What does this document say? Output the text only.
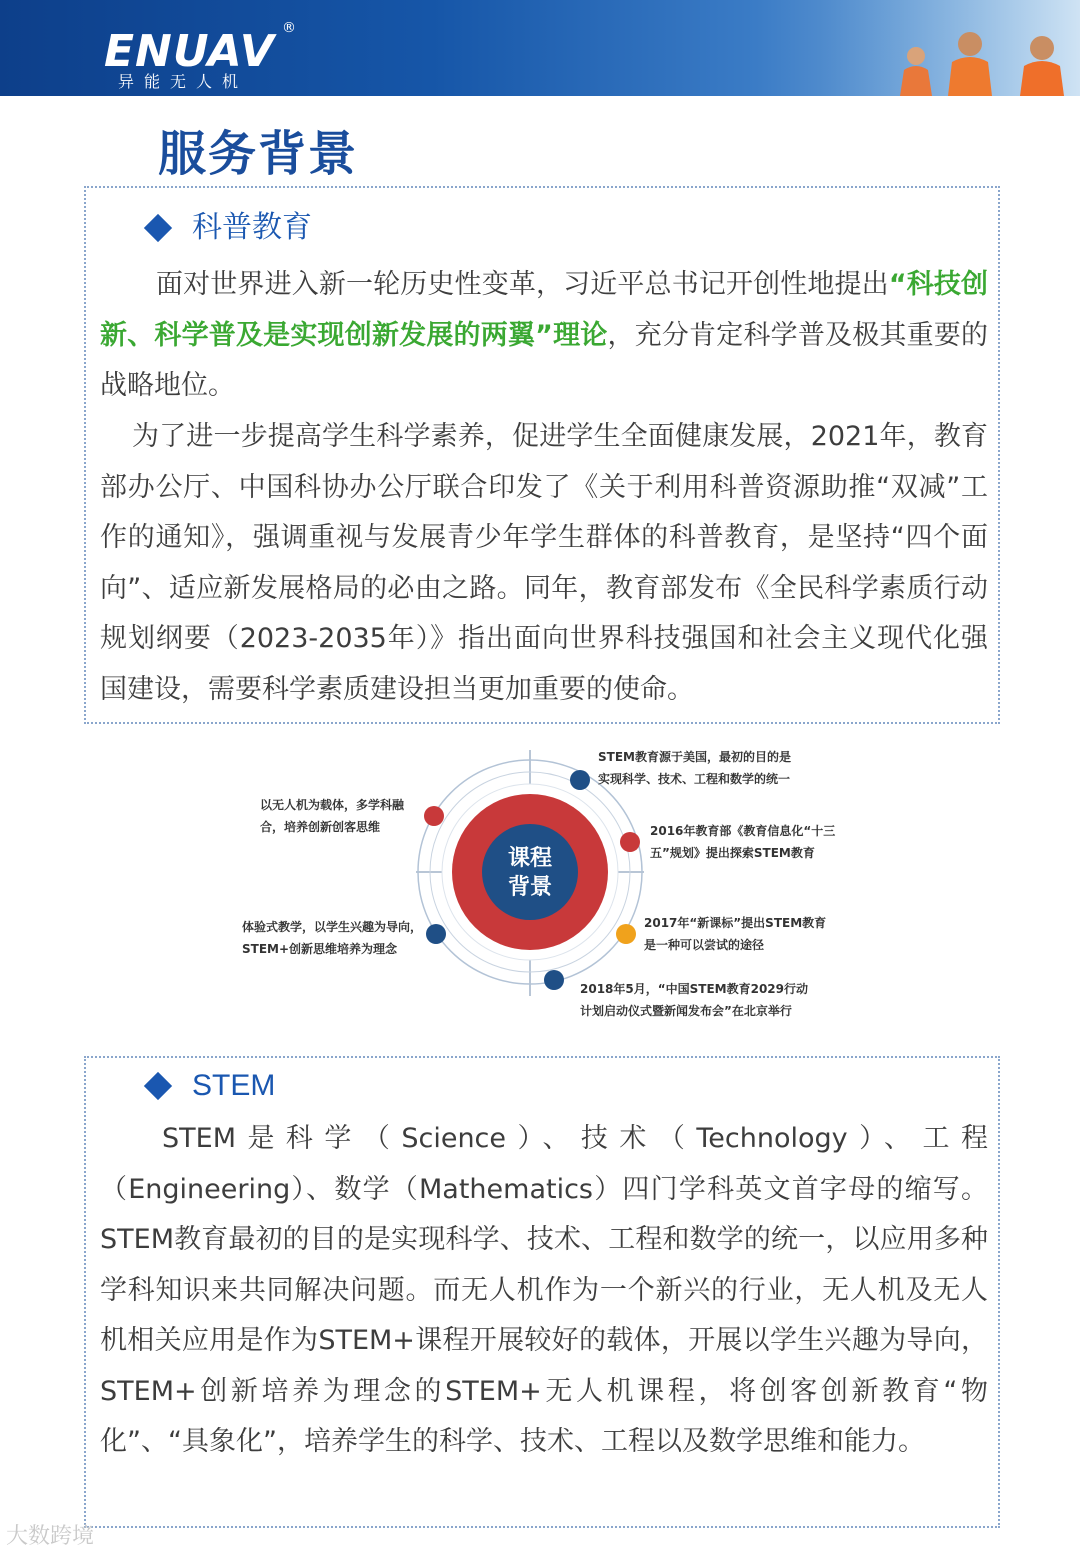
ENUAV ®
异能无人机
服务背景
科普教育
面对世界进入新一轮历史性变革，习近平总书记开创性地提出“科技创新、科学普及是实现创新发展的两翼”理论，充分肯定科学普及极其重要的战略地位。
为了进一步提高学生科学素养，促进学生全面健康发展，2021年，教育部办公厅、中国科协办公厅联合印发了《关于利用科普资源助推“双减”工作的通知》，强调重视与发展青少年学生群体的科普教育，是坚持“四个面向”、适应新发展格局的必由之路。同年，教育部发布《全民科学素质行动规划纲要（2023-2035年）》指出面向世界科技强国和社会主义现代化强国建设，需要科学素质建设担当更加重要的使命。
课程
背景
STEM教育源于美国，最初的目的是
实现科学、技术、工程和数学的统一
2016年教育部《教育信息化“十三
五”规划》提出探索STEM教育
2017年“新课标”提出STEM教育
是一种可以尝试的途径
2018年5月，“中国STEM教育2029行动
计划启动仪式暨新闻发布会”在北京举行
以无人机为载体，多学科融
合，培养创新创客思维
体验式教学，以学生兴趣为导向，
STEM+创新思维培养为理念
STEM
STEM是科学（Science）、技术（Technology）、工程（Engineering）、数学（Mathematics）四门学科英文首字母的缩写。STEM教育最初的目的是实现科学、技术、工程和数学的统一，以应用多种学科知识来共同解决问题。而无人机作为一个新兴的行业，无人机及无人机相关应用是作为STEM+课程开展较好的载体，开展以学生兴趣为导向，STEM+创新培养为理念的STEM+无人机课程，将创客创新教育“物化”、“具象化”，培养学生的科学、技术、工程以及数学思维和能力。
大数跨境
